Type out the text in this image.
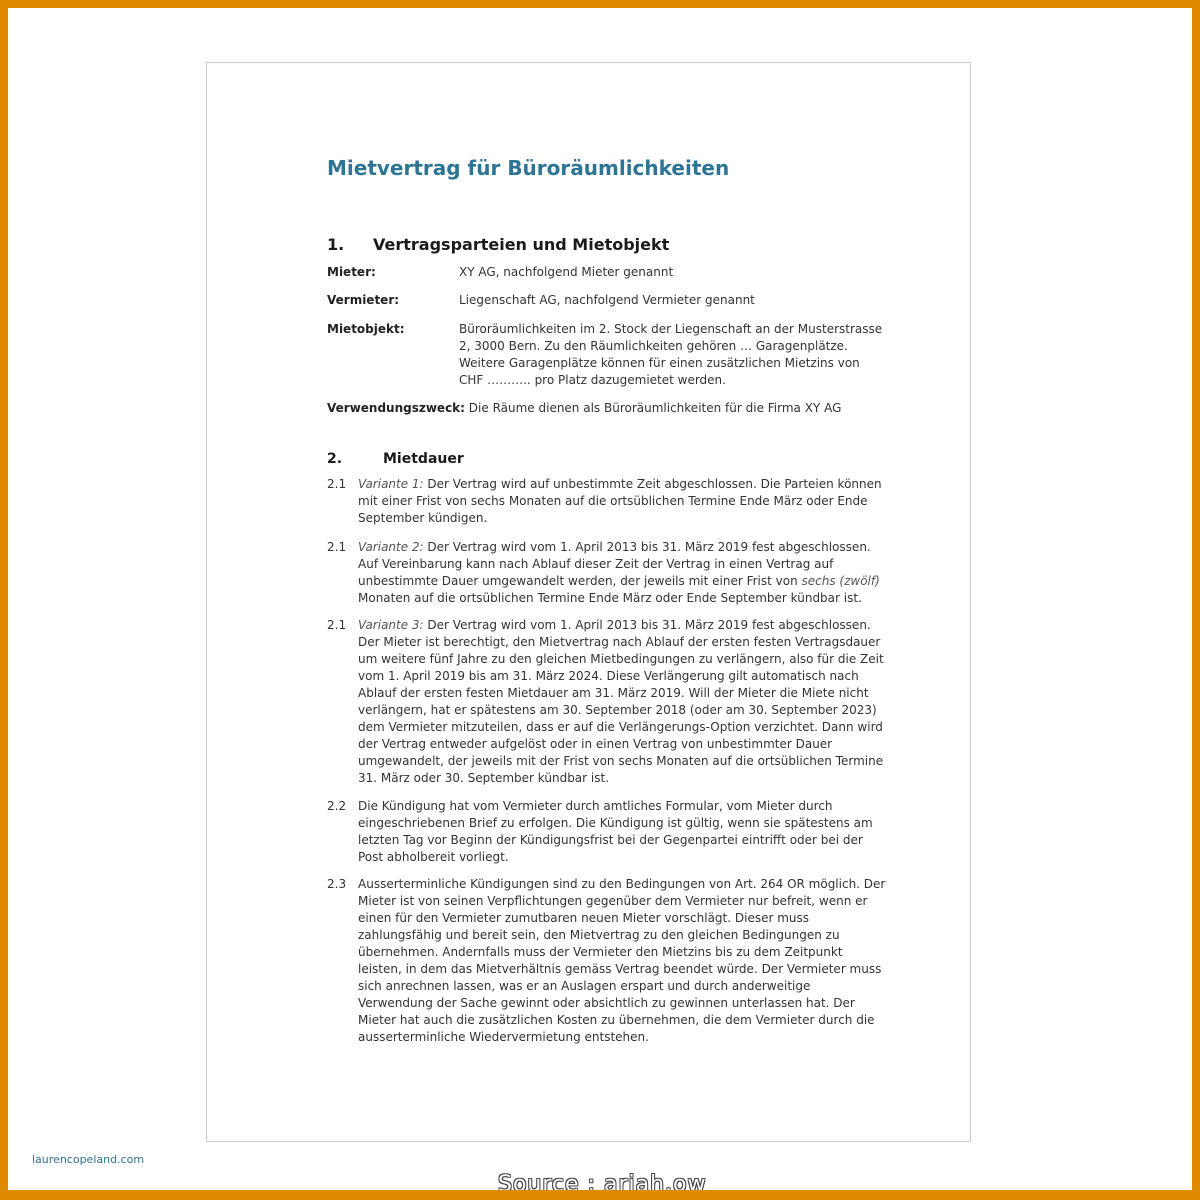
Mietvertrag für Büroräumlichkeiten
1. Vertragsparteien und Mietobjekt
Mieter:	XY AG, nachfolgend Mieter genannt
Vermieter:	Liegenschaft AG, nachfolgend Vermieter genannt
Mietobjekt:	Büroräumlichkeiten im 2. Stock der Liegenschaft an der Musterstrasse 2, 3000 Bern. Zu den Räumlichkeiten gehören … Garagenplätze. Weitere Garagenplätze können für einen zusätzlichen Mietzins von CHF ……….. pro Platz dazugemietet werden.
Verwendungszweck: Die Räume dienen als Büroräumlichkeiten für die Firma XY AG
2.	Mietdauer
2.1 Variante 1: Der Vertrag wird auf unbestimmte Zeit abgeschlossen. Die Parteien können mit einer Frist von sechs Monaten auf die ortsüblichen Termine Ende März oder Ende September kündigen.
2.1 Variante 2: Der Vertrag wird vom 1. April 2013 bis 31. März 2019 fest abgeschlossen. Auf Vereinbarung kann nach Ablauf dieser Zeit der Vertrag in einen Vertrag auf unbestimmte Dauer umgewandelt werden, der jeweils mit einer Frist von sechs (zwölf) Monaten auf die ortsüblichen Termine Ende März oder Ende September kündbar ist.
2.1 Variante 3: Der Vertrag wird vom 1. April 2013 bis 31. März 2019 fest abgeschlossen. Der Mieter ist berechtigt, den Mietvertrag nach Ablauf der ersten festen Vertragsdauer um weitere fünf Jahre zu den gleichen Mietbedingungen zu verlängern, also für die Zeit vom 1. April 2019 bis am 31. März 2024. Diese Verlängerung gilt automatisch nach Ablauf der ersten festen Mietdauer am 31. März 2019. Will der Mieter die Miete nicht verlängern, hat er spätestens am 30. September 2018 (oder am 30. September 2023) dem Vermieter mitzuteilen, dass er auf die Verlängerungs-Option verzichtet. Dann wird der Vertrag entweder aufgelöst oder in einen Vertrag von unbestimmter Dauer umgewandelt, der jeweils mit der Frist von sechs Monaten auf die ortsüblichen Termine 31. März oder 30. September kündbar ist.
2.2 Die Kündigung hat vom Vermieter durch amtliches Formular, vom Mieter durch eingeschriebenen Brief zu erfolgen. Die Kündigung ist gültig, wenn sie spätestens am letzten Tag vor Beginn der Kündigungsfrist bei der Gegenpartei eintrifft oder bei der Post abholbereit vorliegt.
2.3 Ausserterminliche Kündigungen sind zu den Bedingungen von Art. 264 OR möglich. Der Mieter ist von seinen Verpflichtungen gegenüber dem Vermieter nur befreit, wenn er einen für den Vermieter zumutbaren neuen Mieter vorschlägt. Dieser muss zahlungsfähig und bereit sein, den Mietvertrag zu den gleichen Bedingungen zu übernehmen. Andernfalls muss der Vermieter den Mietzins bis zu dem Zeitpunkt leisten, in dem das Mietverhältnis gemäss Vertrag beendet würde. Der Vermieter muss sich anrechnen lassen, was er an Auslagen erspart und durch anderweitige Verwendung der Sache gewinnt oder absichtlich zu gewinnen unterlassen hat. Der Mieter hat auch die zusätzlichen Kosten zu übernehmen, die dem Vermieter durch die ausserterminliche Wiedervermietung entstehen.
laurencopeland.com
Source : ariah.ow
